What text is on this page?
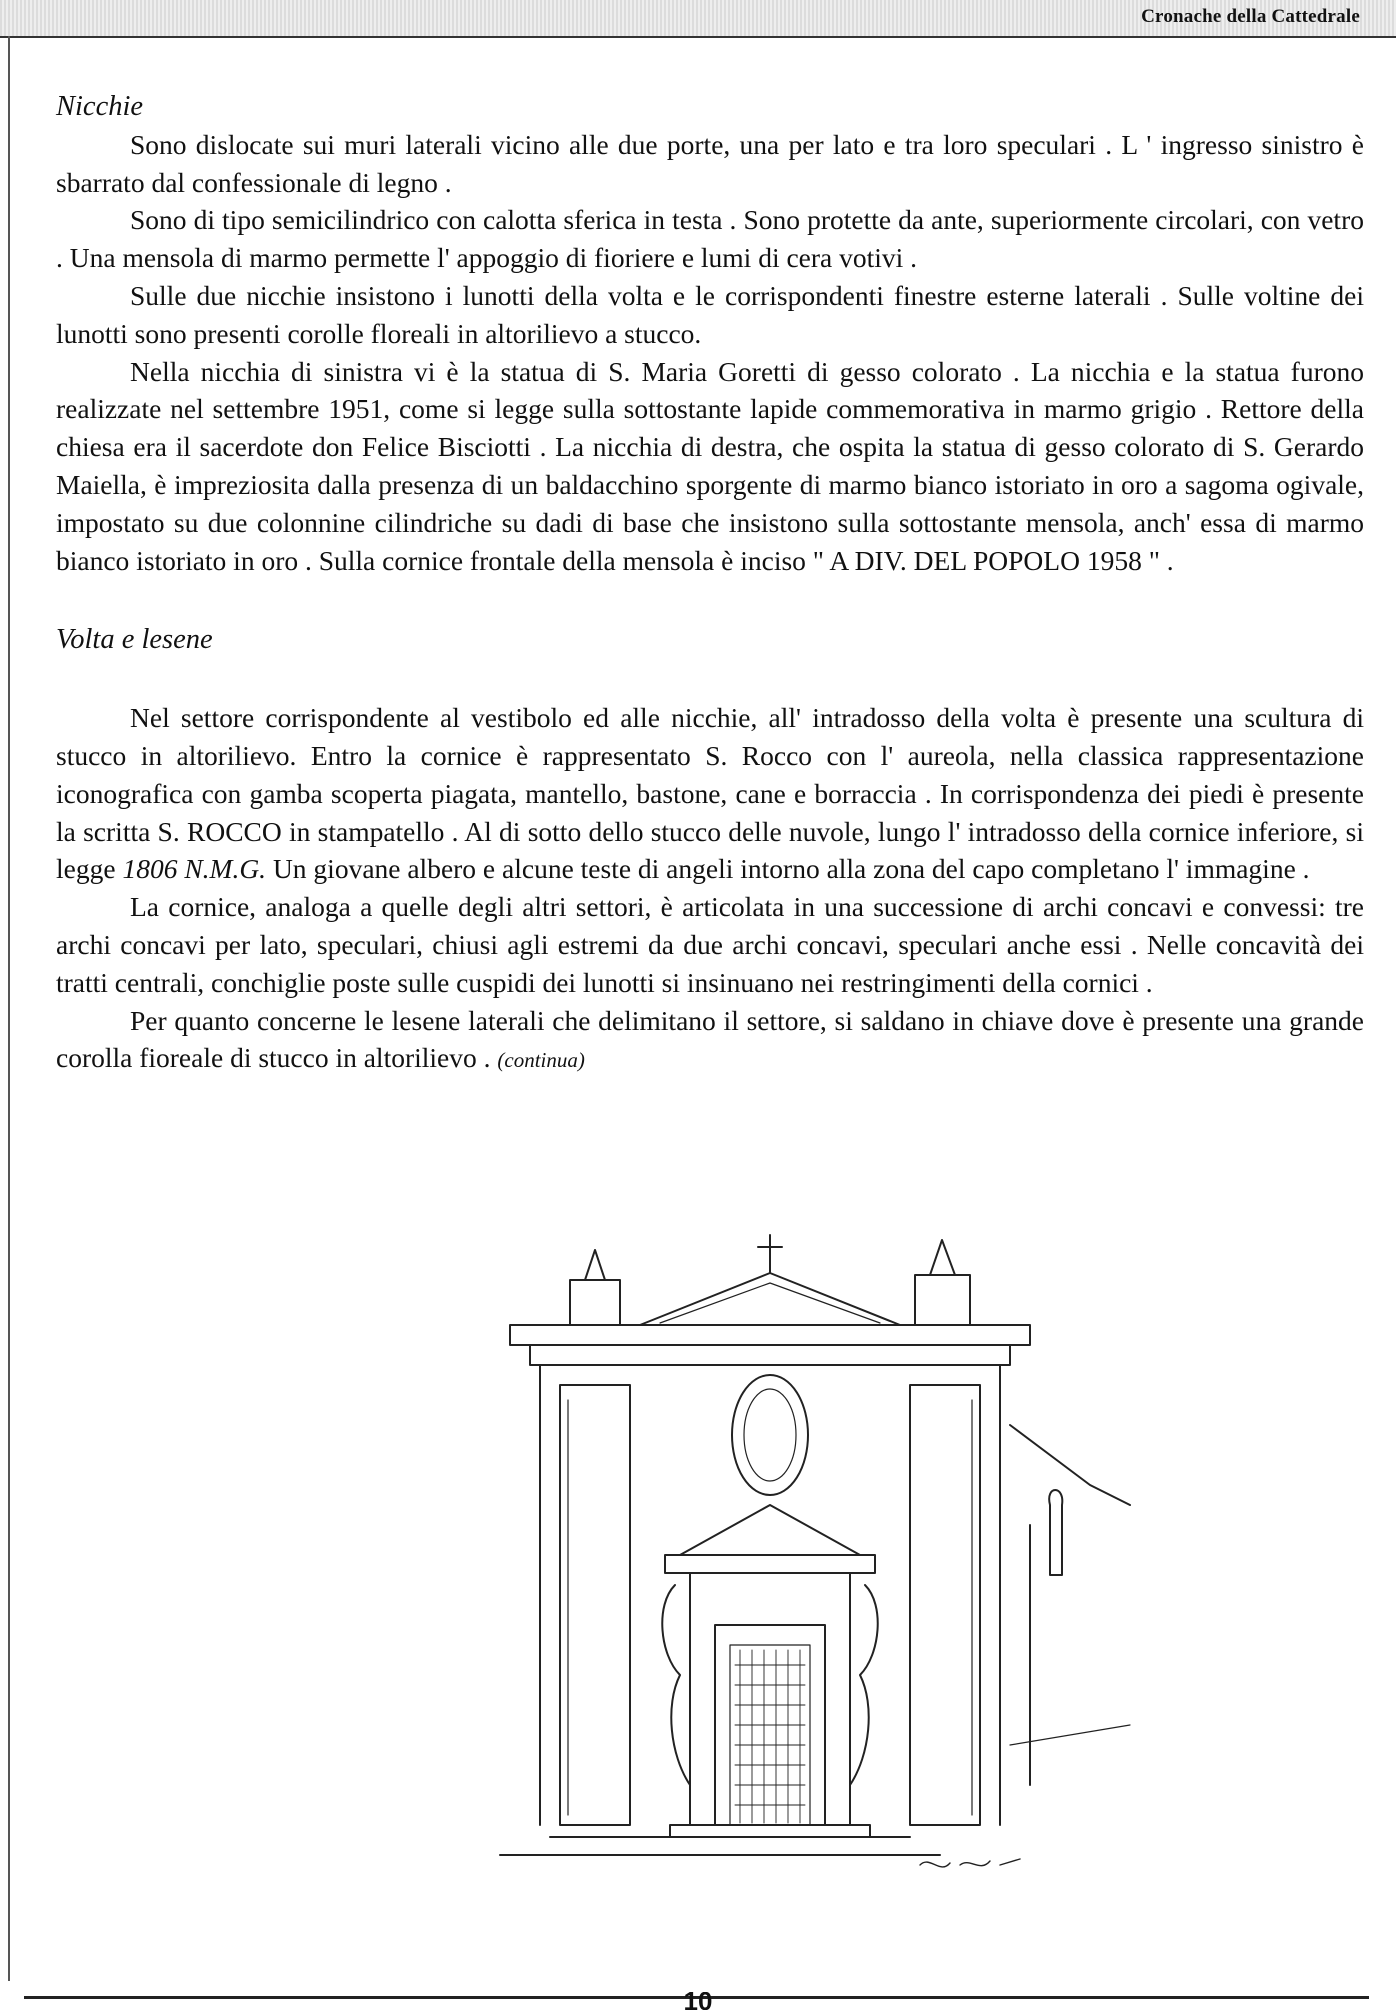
Cronache della Cattedrale
Nicchie

Sono dislocate sui muri laterali vicino alle due porte, una per lato e tra loro speculari . L ' ingresso sinistro è sbarrato dal confessionale di legno .

Sono di tipo semicilindrico con calotta sferica in testa . Sono protette da ante, superiormente circolari, con vetro . Una mensola di marmo permette l' appoggio di fioriere e lumi di cera votivi .

Sulle due nicchie insistono i lunotti della volta e le corrispondenti finestre esterne laterali . Sulle voltine dei lunotti sono presenti corolle floreali in altorilievo a stucco.

Nella nicchia di sinistra vi è la statua di S. Maria Goretti di gesso colorato . La nicchia e la statua furono realizzate nel settembre 1951, come si legge sulla sottostante lapide commemorativa in marmo grigio . Rettore della chiesa era il sacerdote don Felice Bisciotti . La nicchia di destra, che ospita la statua di gesso colorato di S. Gerardo Maiella, è impreziosita dalla presenza di un baldacchino sporgente di marmo bianco istoriato in oro a sagoma ogivale, impostato su due colonnine cilindriche su dadi di base che insistono sulla sottostante mensola, anch' essa di marmo bianco istoriato in oro . Sulla cornice frontale della mensola è inciso " A DIV. DEL POPOLO 1958 " .

Volta e lesene

Nel settore corrispondente al vestibolo ed alle nicchie, all' intradosso della volta è presente una scultura di stucco in altorilievo. Entro la cornice è rappresentato S. Rocco con l' aureola, nella classica rappresentazione iconografica con gamba scoperta piagata, mantello, bastone, cane e borraccia . In corrispondenza dei piedi è presente la scritta S. ROCCO in stampatello . Al di sotto dello stucco delle nuvole, lungo l' intradosso della cornice inferiore, si legge 1806 N.M.G. Un giovane albero e alcune teste di angeli intorno alla zona del capo completano l' immagine .

La cornice, analoga a quelle degli altri settori, è articolata in una successione di archi concavi e convessi: tre archi concavi per lato, speculari, chiusi agli estremi da due archi concavi, speculari anche essi . Nelle concavità dei tratti centrali, conchiglie poste sulle cuspidi dei lunotti si insinuano nei restringimenti della cornici .

Per quanto concerne le lesene laterali che delimitano il settore, si saldano in chiave dove è presente una grande corolla fioreale di stucco in altorilievo . (continua)

10
